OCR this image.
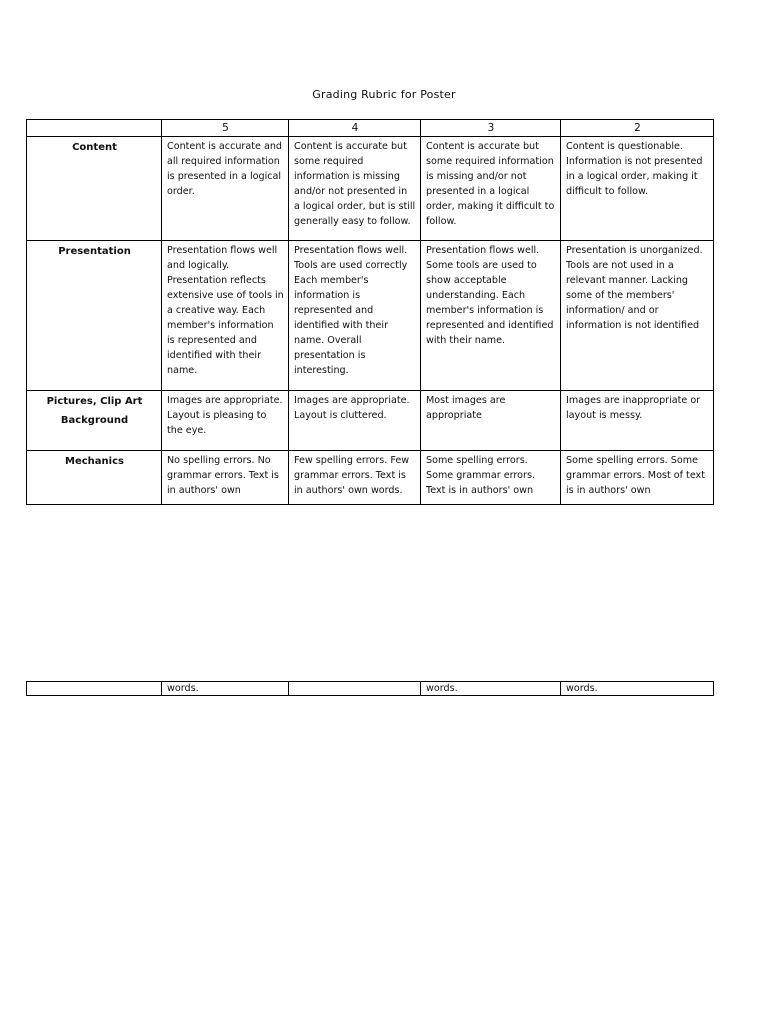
Grading Rubric for Poster
	5	4	3	2
Content	Content is accurate and all required information is presented in a logical order.	Content is accurate but some required information is missing and/or not presented in a logical order, but is still generally easy to follow.	Content is accurate but some required information is missing and/or not presented in a logical order, making it difficult to follow.	Content is questionable. Information is not presented in a logical order, making it difficult to follow.
Presentation	Presentation flows well and logically. Presentation reflects extensive use of tools in a creative way. Each member's information is represented and identified with their name.	Presentation flows well. Tools are used correctly Each member's information is represented and identified with their name. Overall presentation is interesting.	Presentation flows well. Some tools are used to show acceptable understanding. Each member's information is represented and identified with their name.	Presentation is unorganized. Tools are not used in a relevant manner. Lacking some of the members' information/ and or information is not identified
Pictures, Clip Art Background	Images are appropriate. Layout is pleasing to the eye.	Images are appropriate. Layout is cluttered.	Most images are appropriate	Images are inappropriate or layout is messy.
Mechanics	No spelling errors. No grammar errors. Text is in authors' own	Few spelling errors. Few grammar errors. Text is in authors' own words.	Some spelling errors. Some grammar errors. Text is in authors' own	Some spelling errors. Some grammar errors. Most of text is in authors' own
	words.		words.	words.
